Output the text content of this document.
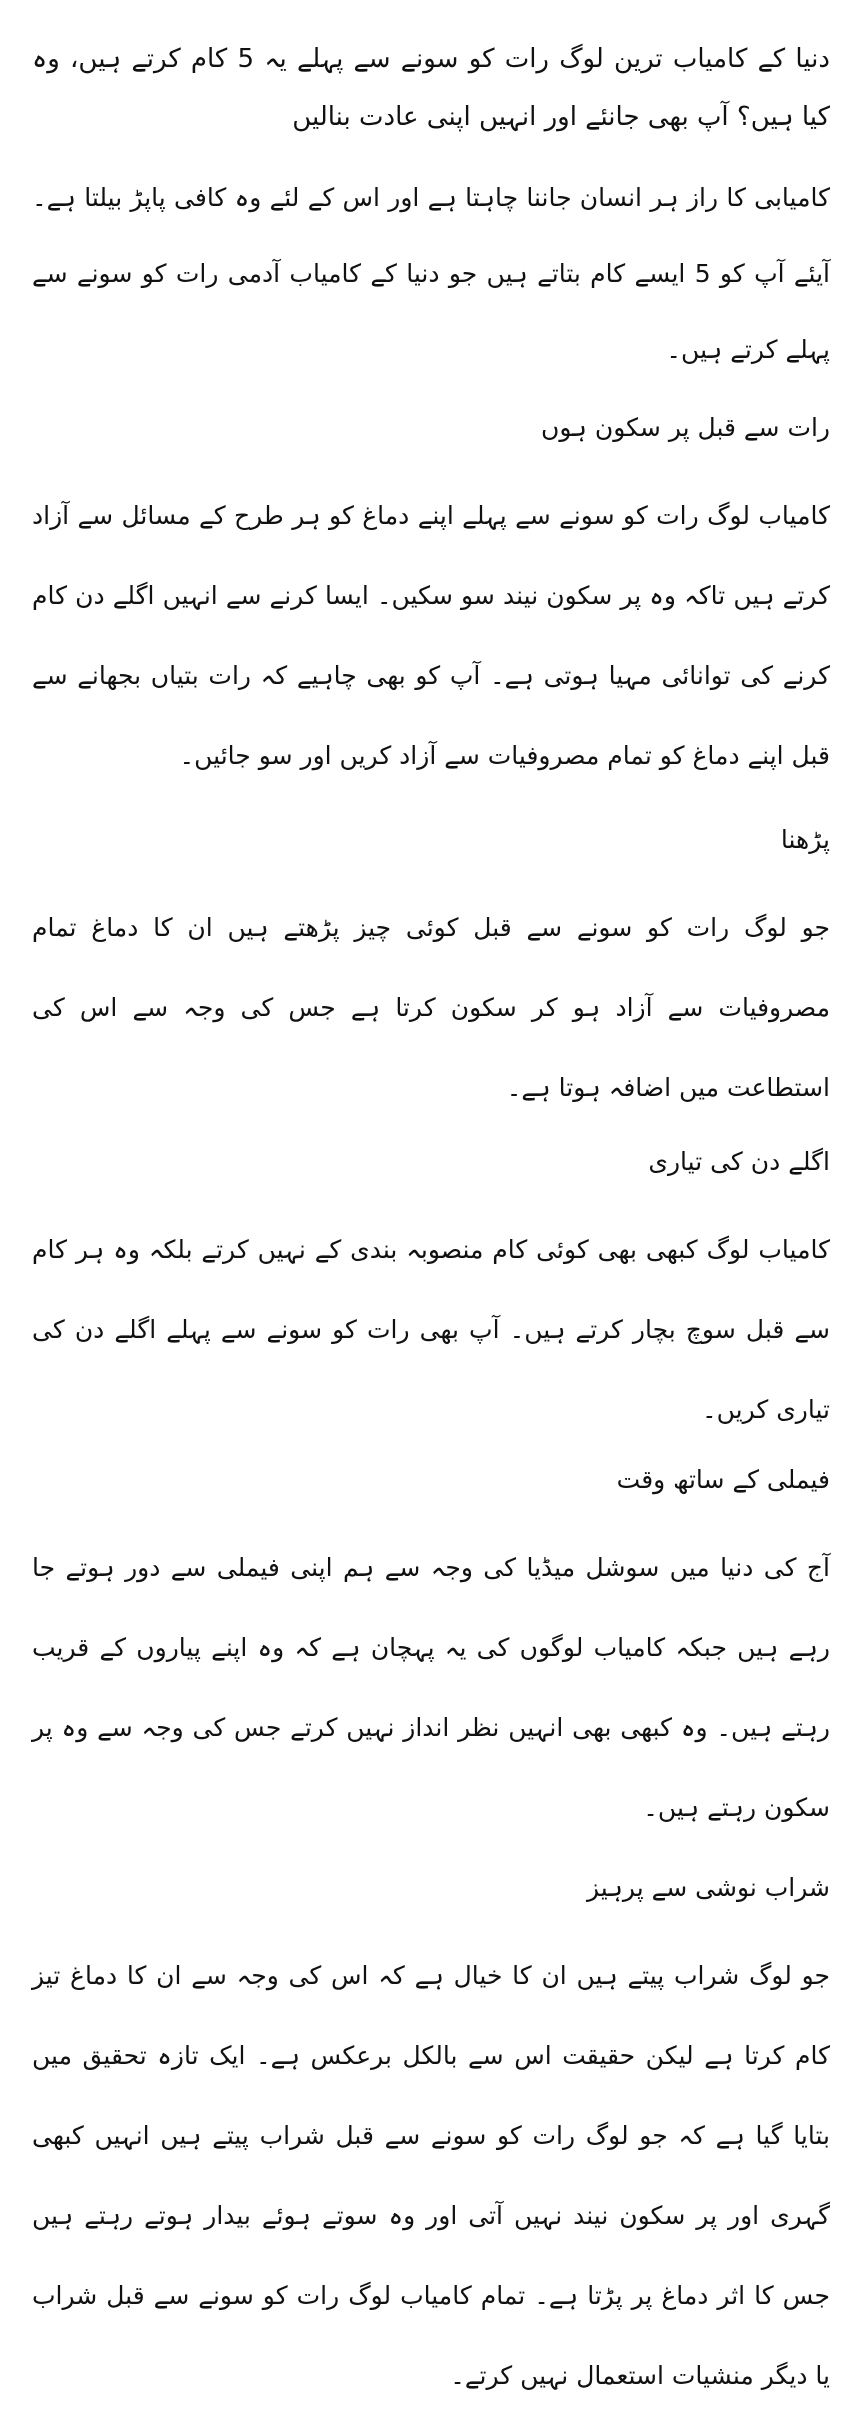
دنیا کے کامیاب ترین لوگ رات کو سونے سے پہلے یہ 5 کام کرتے ہیں، وہ کیا ہیں؟ آپ بھی جانئے اور انہیں اپنی عادت بنالیں

کامیابی کا راز ہر انسان جاننا چاہتا ہے اور اس کے لئے وہ کافی پاپڑ بیلتا ہے۔ آیئے آپ کو 5 ایسے کام بتاتے ہیں جو دنیا کے کامیاب آدمی رات کو سونے سے پہلے کرتے ہیں۔

رات سے قبل پر سکون ہوں

کامیاب لوگ رات کو سونے سے پہلے اپنے دماغ کو ہر طرح کے مسائل سے آزاد کرتے ہیں تاکہ وہ پر سکون نیند سو سکیں۔ ایسا کرنے سے انہیں اگلے دن کام کرنے کی توانائی مہیا ہوتی ہے۔ آپ کو بھی چاہیے کہ رات بتیاں بجھانے سے قبل اپنے دماغ کو تمام مصروفیات سے آزاد کریں اور سو جائیں۔

پڑھنا

جو لوگ رات کو سونے سے قبل کوئی چیز پڑھتے ہیں ان کا دماغ تمام مصروفیات سے آزاد ہو کر سکون کرتا ہے جس کی وجہ سے اس کی استطاعت میں اضافہ ہوتا ہے۔

اگلے دن کی تیاری

کامیاب لوگ کبھی بھی کوئی کام منصوبہ بندی کے نہیں کرتے بلکہ وہ ہر کام سے قبل سوچ بچار کرتے ہیں۔ آپ بھی رات کو سونے سے پہلے اگلے دن کی تیاری کریں۔

فیملی کے ساتھ وقت

آج کی دنیا میں سوشل میڈیا کی وجہ سے ہم اپنی فیملی سے دور ہوتے جا رہے ہیں جبکہ کامیاب لوگوں کی یہ پہچان ہے کہ وہ اپنے پیاروں کے قریب رہتے ہیں۔ وہ کبھی بھی انہیں نظر انداز نہیں کرتے جس کی وجہ سے وہ پر سکون رہتے ہیں۔

شراب نوشی سے پرہیز

جو لوگ شراب پیتے ہیں ان کا خیال ہے کہ اس کی وجہ سے ان کا دماغ تیز کام کرتا ہے لیکن حقیقت اس سے بالکل برعکس ہے۔ ایک تازہ تحقیق میں بتایا گیا ہے کہ جو لوگ رات کو سونے سے قبل شراب پیتے ہیں انہیں کبھی گہری اور پر سکون نیند نہیں آتی اور وہ سوتے ہوئے بیدار ہوتے رہتے ہیں جس کا اثر دماغ پر پڑتا ہے۔ تمام کامیاب لوگ رات کو سونے سے قبل شراب یا دیگر منشیات استعمال نہیں کرتے۔
